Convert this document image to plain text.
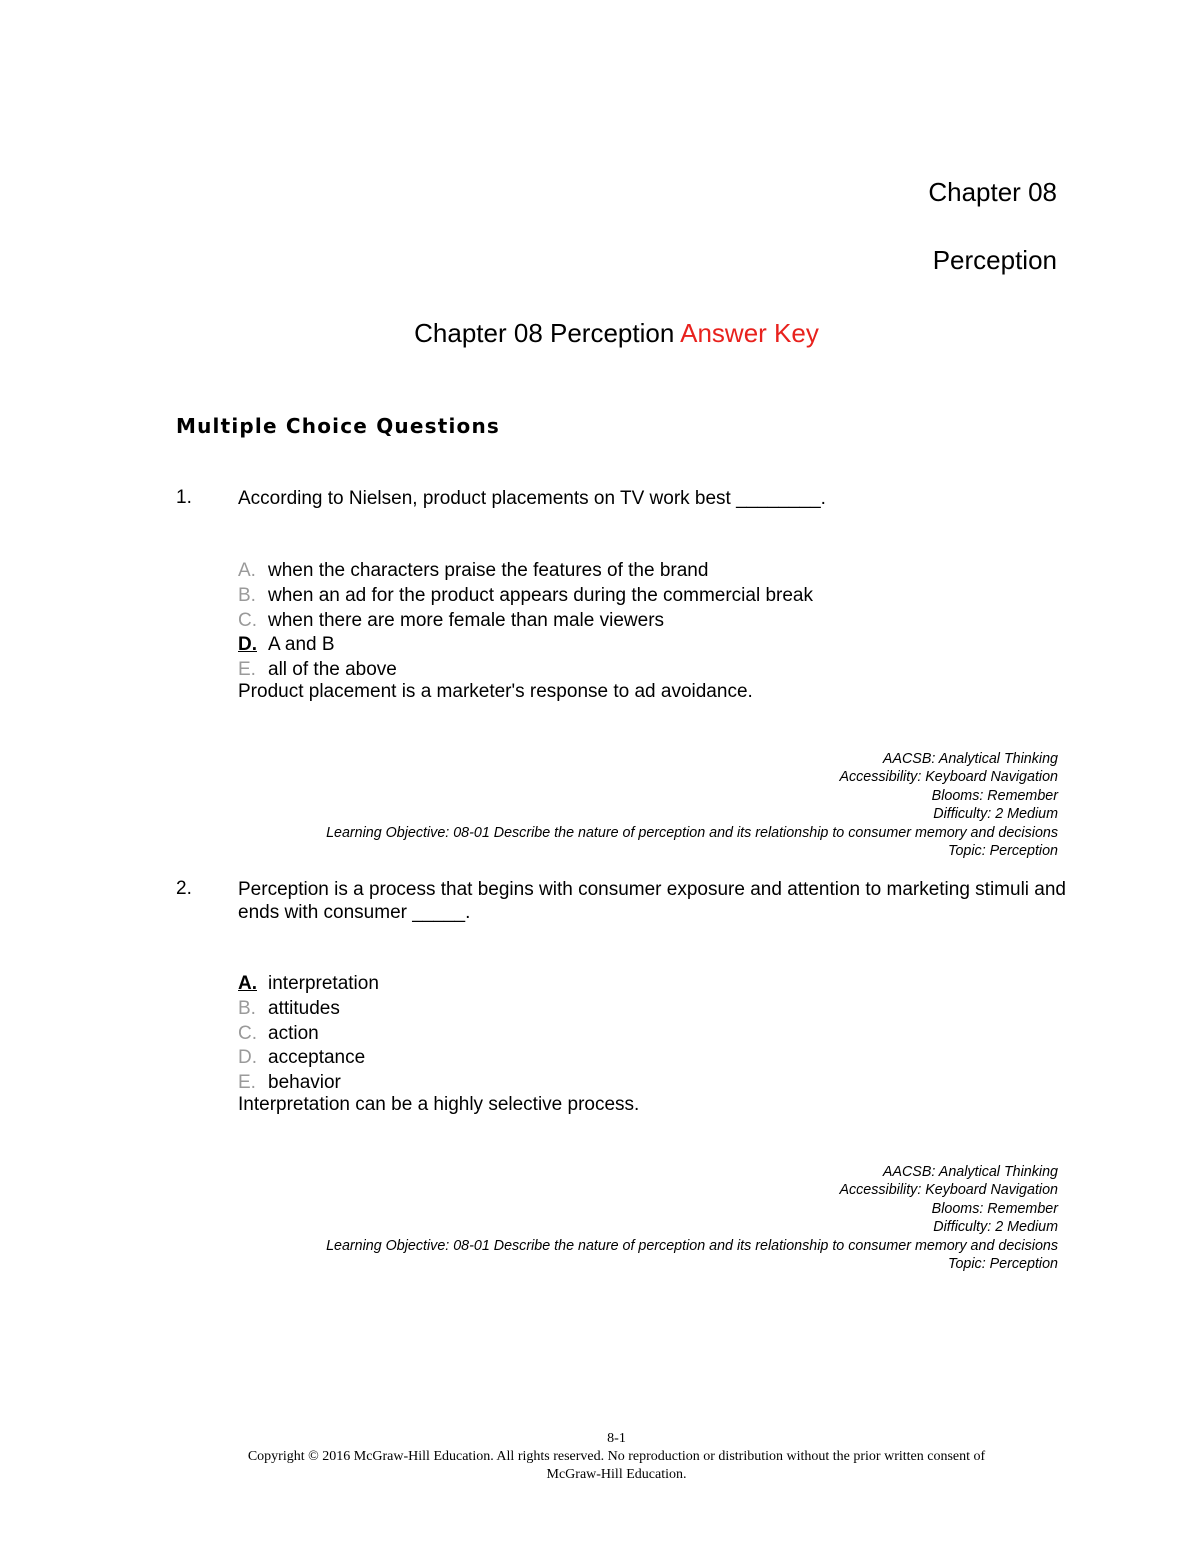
Chapter 08
Perception
Chapter 08 Perception Answer Key
Multiple Choice Questions
1. According to Nielsen, product placements on TV work best ________.
A. when the characters praise the features of the brand
B. when an ad for the product appears during the commercial break
C. when there are more female than male viewers
D. A and B
E. all of the above
Product placement is a marketer's response to ad avoidance.
AACSB: Analytical Thinking
Accessibility: Keyboard Navigation
Blooms: Remember
Difficulty: 2 Medium
Learning Objective: 08-01 Describe the nature of perception and its relationship to consumer memory and decisions
Topic: Perception
2. Perception is a process that begins with consumer exposure and attention to marketing stimuli and ends with consumer _____.
A. interpretation
B. attitudes
C. action
D. acceptance
E. behavior
Interpretation can be a highly selective process.
AACSB: Analytical Thinking
Accessibility: Keyboard Navigation
Blooms: Remember
Difficulty: 2 Medium
Learning Objective: 08-01 Describe the nature of perception and its relationship to consumer memory and decisions
Topic: Perception
8-1
Copyright © 2016 McGraw-Hill Education. All rights reserved. No reproduction or distribution without the prior written consent of
McGraw-Hill Education.
